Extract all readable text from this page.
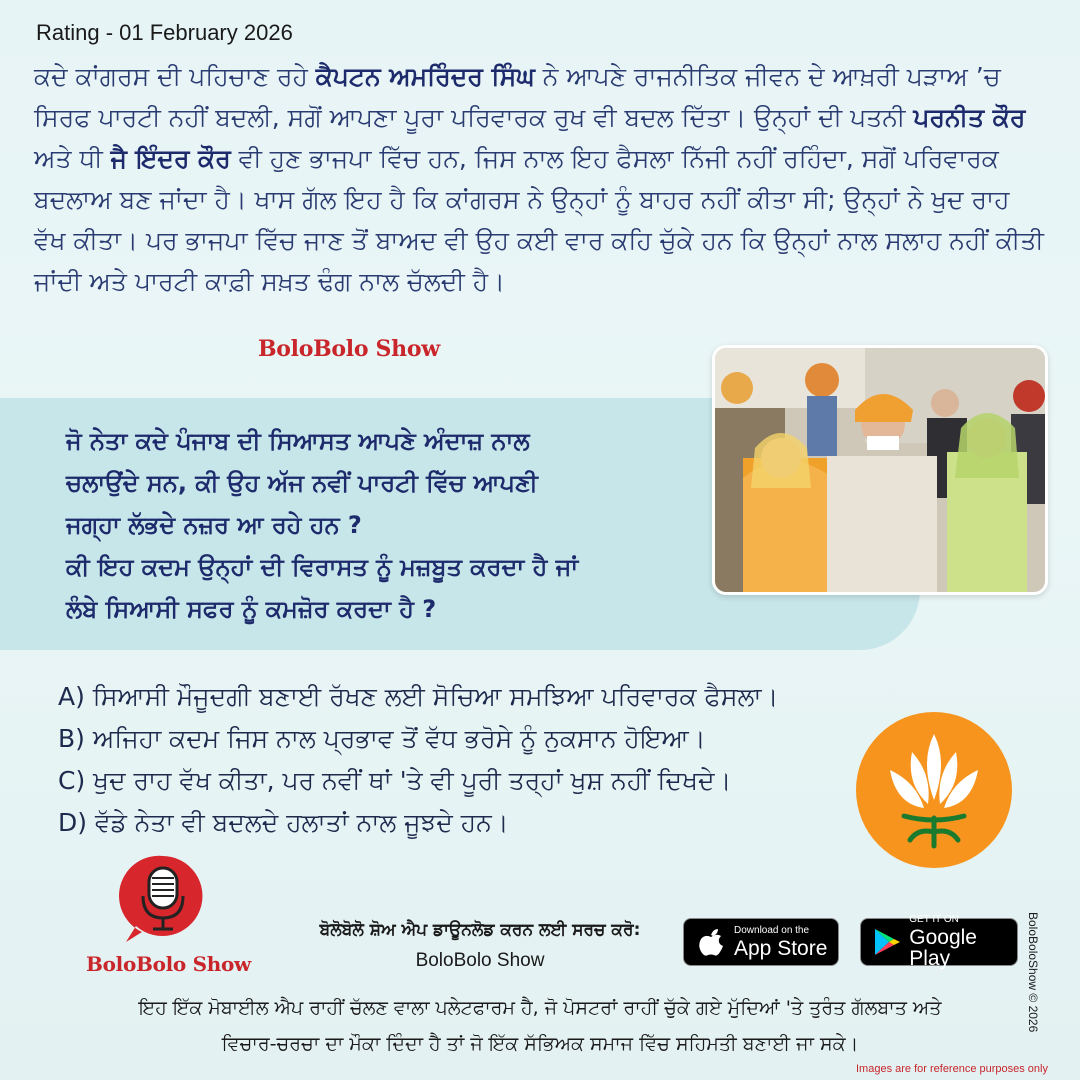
Rating - 01 February 2026
ਕਦੇ ਕਾਂਗਰਸ ਦੀ ਪਹਿਚਾਣ ਰਹੇ ਕੈਪਟਨ ਅਮਰਿੰਦਰ ਸਿੰਘ ਨੇ ਆਪਣੇ ਰਾਜਨੀਤਿਕ ਜੀਵਨ ਦੇ ਆਖ਼ਰੀ ਪੜਾਅ ’ਚ ਸਿਰਫ ਪਾਰਟੀ ਨਹੀਂ ਬਦਲੀ, ਸਗੋਂ ਆਪਣਾ ਪੂਰਾ ਪਰਿਵਾਰਕ ਰੁਖ ਵੀ ਬਦਲ ਦਿੱਤਾ। ਉਨ੍ਹਾਂ ਦੀ ਪਤਨੀ ਪਰਨੀਤ ਕੌਰ ਅਤੇ ਧੀ ਜੈ ਇੰਦਰ ਕੌਰ ਵੀ ਹੁਣ ਭਾਜਪਾ ਵਿੱਚ ਹਨ, ਜਿਸ ਨਾਲ ਇਹ ਫੈਸਲਾ ਨਿੱਜੀ ਨਹੀਂ ਰਹਿੰਦਾ, ਸਗੋਂ ਪਰਿਵਾਰਕ ਬਦਲਾਅ ਬਣ ਜਾਂਦਾ ਹੈ। ਖਾਸ ਗੱਲ ਇਹ ਹੈ ਕਿ ਕਾਂਗਰਸ ਨੇ ਉਨ੍ਹਾਂ ਨੂੰ ਬਾਹਰ ਨਹੀਂ ਕੀਤਾ ਸੀ; ਉਨ੍ਹਾਂ ਨੇ ਖੁਦ ਰਾਹ ਵੱਖ ਕੀਤਾ। ਪਰ ਭਾਜਪਾ ਵਿੱਚ ਜਾਣ ਤੋਂ ਬਾਅਦ ਵੀ ਉਹ ਕਈ ਵਾਰ ਕਹਿ ਚੁੱਕੇ ਹਨ ਕਿ ਉਨ੍ਹਾਂ ਨਾਲ ਸਲਾਹ ਨਹੀਂ ਕੀਤੀ ਜਾਂਦੀ ਅਤੇ ਪਾਰਟੀ ਕਾਫ਼ੀ ਸਖ਼ਤ ਢੰਗ ਨਾਲ ਚੱਲਦੀ ਹੈ।
BoloBolo Show
ਜੋ ਨੇਤਾ ਕਦੇ ਪੰਜਾਬ ਦੀ ਸਿਆਸਤ ਆਪਣੇ ਅੰਦਾਜ਼ ਨਾਲ
ਚਲਾਉਂਦੇ ਸਨ, ਕੀ ਉਹ ਅੱਜ ਨਵੀਂ ਪਾਰਟੀ ਵਿੱਚ ਆਪਣੀ
ਜਗ੍ਹਾ ਲੱਭਦੇ ਨਜ਼ਰ ਆ ਰਹੇ ਹਨ ?
ਕੀ ਇਹ ਕਦਮ ਉਨ੍ਹਾਂ ਦੀ ਵਿਰਾਸਤ ਨੂੰ ਮਜ਼ਬੂਤ ਕਰਦਾ ਹੈ ਜਾਂ
ਲੰਬੇ ਸਿਆਸੀ ਸਫਰ ਨੂੰ ਕਮਜ਼ੋਰ ਕਰਦਾ ਹੈ ?
A) ਸਿਆਸੀ ਮੌਜੂਦਗੀ ਬਣਾਈ ਰੱਖਣ ਲਈ ਸੋਚਿਆ ਸਮਝਿਆ ਪਰਿਵਾਰਕ ਫੈਸਲਾ।
B) ਅਜਿਹਾ ਕਦਮ ਜਿਸ ਨਾਲ ਪ੍ਰਭਾਵ ਤੋਂ ਵੱਧ ਭਰੋਸੇ ਨੂੰ ਨੁਕਸਾਨ ਹੋਇਆ।
C) ਖੁਦ ਰਾਹ ਵੱਖ ਕੀਤਾ, ਪਰ ਨਵੀਂ ਥਾਂ 'ਤੇ ਵੀ ਪੂਰੀ ਤਰ੍ਹਾਂ ਖੁਸ਼ ਨਹੀਂ ਦਿਖਦੇ।
D) ਵੱਡੇ ਨੇਤਾ ਵੀ ਬਦਲਦੇ ਹਲਾਤਾਂ ਨਾਲ ਜੂਝਦੇ ਹਨ।
BoloBolo Show
ਬੋਲੋਬੋਲੋ ਸ਼ੋਅ ਐਪ ਡਾਊਨਲੋਡ ਕਰਨ ਲਈ ਸਰਚ ਕਰੋ:
BoloBolo Show
Download on the
App Store
GET IT ON
Google Play
ਇਹ ਇੱਕ ਮੋਬਾਈਲ ਐਪ ਰਾਹੀਂ ਚੱਲਣ ਵਾਲਾ ਪਲੇਟਫਾਰਮ ਹੈ, ਜੋ ਪੋਸਟਰਾਂ ਰਾਹੀਂ ਚੁੱਕੇ ਗਏ ਮੁੱਦਿਆਂ 'ਤੇ ਤੁਰੰਤ ਗੱਲਬਾਤ ਅਤੇ
ਵਿਚਾਰ-ਚਰਚਾ ਦਾ ਮੌਕਾ ਦਿੰਦਾ ਹੈ ਤਾਂ ਜੋ ਇੱਕ ਸੱਭਿਅਕ ਸਮਾਜ ਵਿੱਚ ਸਹਿਮਤੀ ਬਣਾਈ ਜਾ ਸਕੇ।
BoloBoloShow © 2026
Images are for reference purposes only
